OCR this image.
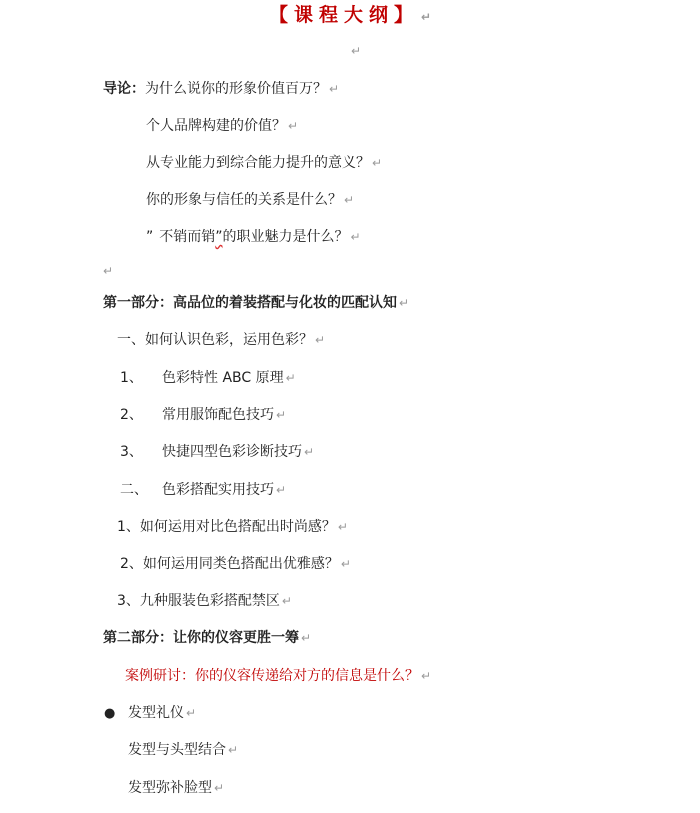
【课程大纲】 ↵
↵
导论：为什么说你的形象价值百万？ ↵
个人品牌构建的价值？ ↵
从专业能力到综合能力提升的意义？ ↵
你的形象与信任的关系是什么？ ↵
” 不销而销”的职业魅力是什么？ ↵
↵
第一部分：高品位的着装搭配与化妆的匹配认知 ↵
一、如何认识色彩，运用色彩？ ↵
1、 色彩特性 ABC 原理 ↵
2、 常用服饰配色技巧 ↵
3、 快捷四型色彩诊断技巧 ↵
二、 色彩搭配实用技巧 ↵
1、如何运用对比色搭配出时尚感？ ↵
2、如何运用同类色搭配出优雅感？ ↵
3、九种服装色彩搭配禁区 ↵
第二部分：让你的仪容更胜一筹 ↵
案例研讨：你的仪容传递给对方的信息是什么？ ↵
● 发型礼仪 ↵
发型与头型结合 ↵
发型弥补脸型 ↵
